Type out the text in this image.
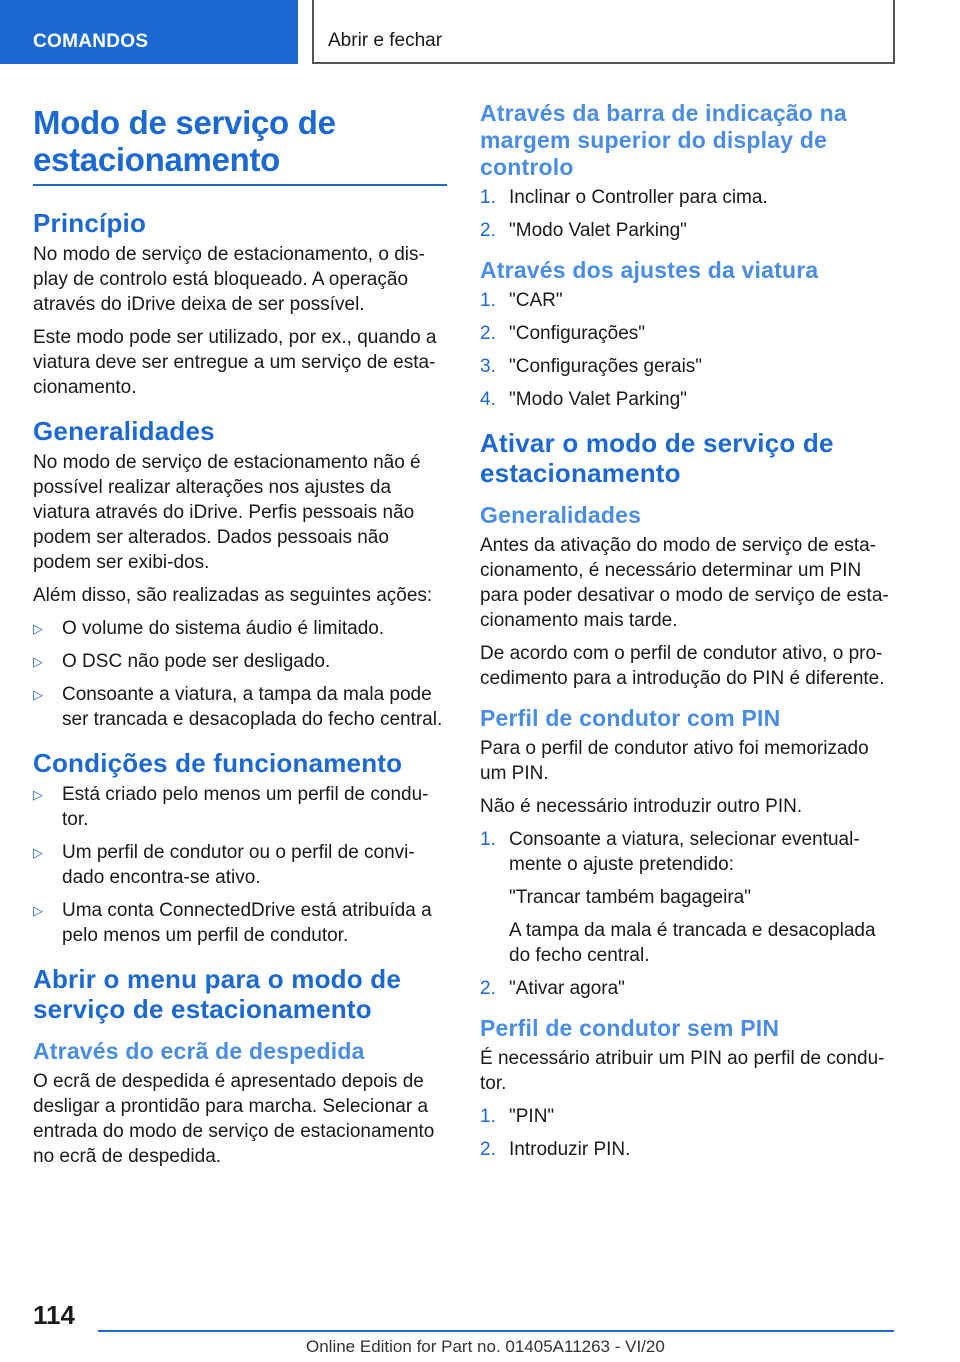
COMANDOS	Abrir e fechar
Modo de serviço de estacionamento
Princípio

No modo de serviço de estacionamento, o dis-play de controlo está bloqueado. A operação através do iDrive deixa de ser possível.

Este modo pode ser utilizado, por ex., quando a viatura deve ser entregue a um serviço de esta-cionamento.

Generalidades

No modo de serviço de estacionamento não é possível realizar alterações nos ajustes da viatura através do iDrive. Perfis pessoais não podem ser alterados. Dados pessoais não podem ser exibi-dos.

Além disso, são realizadas as seguintes ações:

▷ O volume do sistema áudio é limitado.
▷ O DSC não pode ser desligado.
▷ Consoante a viatura, a tampa da mala pode ser trancada e desacoplada do fecho central.
Condições de funcionamento
▷ Está criado pelo menos um perfil de condu-tor.
▷ Um perfil de condutor ou o perfil de convi-dado encontra-se ativo.
▷ Uma conta ConnectedDrive está atribuída a pelo menos um perfil de condutor.
Abrir o menu para o modo de serviço de estacionamento
Através do ecrã de despedida

O ecrã de despedida é apresentado depois de desligar a prontidão para marcha. Selecionar a entrada do modo de serviço de estacionamento no ecrã de despedida.

Através da barra de indicação na margem superior do display de controlo
1. Inclinar o Controller para cima.
2. "Modo Valet Parking"
Através dos ajustes da viatura
1. "CAR"
2. "Configurações"
3. "Configurações gerais"
4. "Modo Valet Parking"
Ativar o modo de serviço de estacionamento
Generalidades

Antes da ativação do modo de serviço de esta-cionamento, é necessário determinar um PIN para poder desativar o modo de serviço de esta-cionamento mais tarde.

De acordo com o perfil de condutor ativo, o pro-cedimento para a introdução do PIN é diferente.

Perfil de condutor com PIN

Para o perfil de condutor ativo foi memorizado um PIN.

Não é necessário introduzir outro PIN.

1. Consoante a viatura, selecionar eventual-mente o ajuste pretendido:
"Trancar também bagageira"
A tampa da mala é trancada e desacoplada do fecho central.
2. "Ativar agora"
Perfil de condutor sem PIN

É necessário atribuir um PIN ao perfil de condu-tor.

1. "PIN"
2. Introduzir PIN.
114
Online Edition for Part no. 01405A11263 - VI/20
